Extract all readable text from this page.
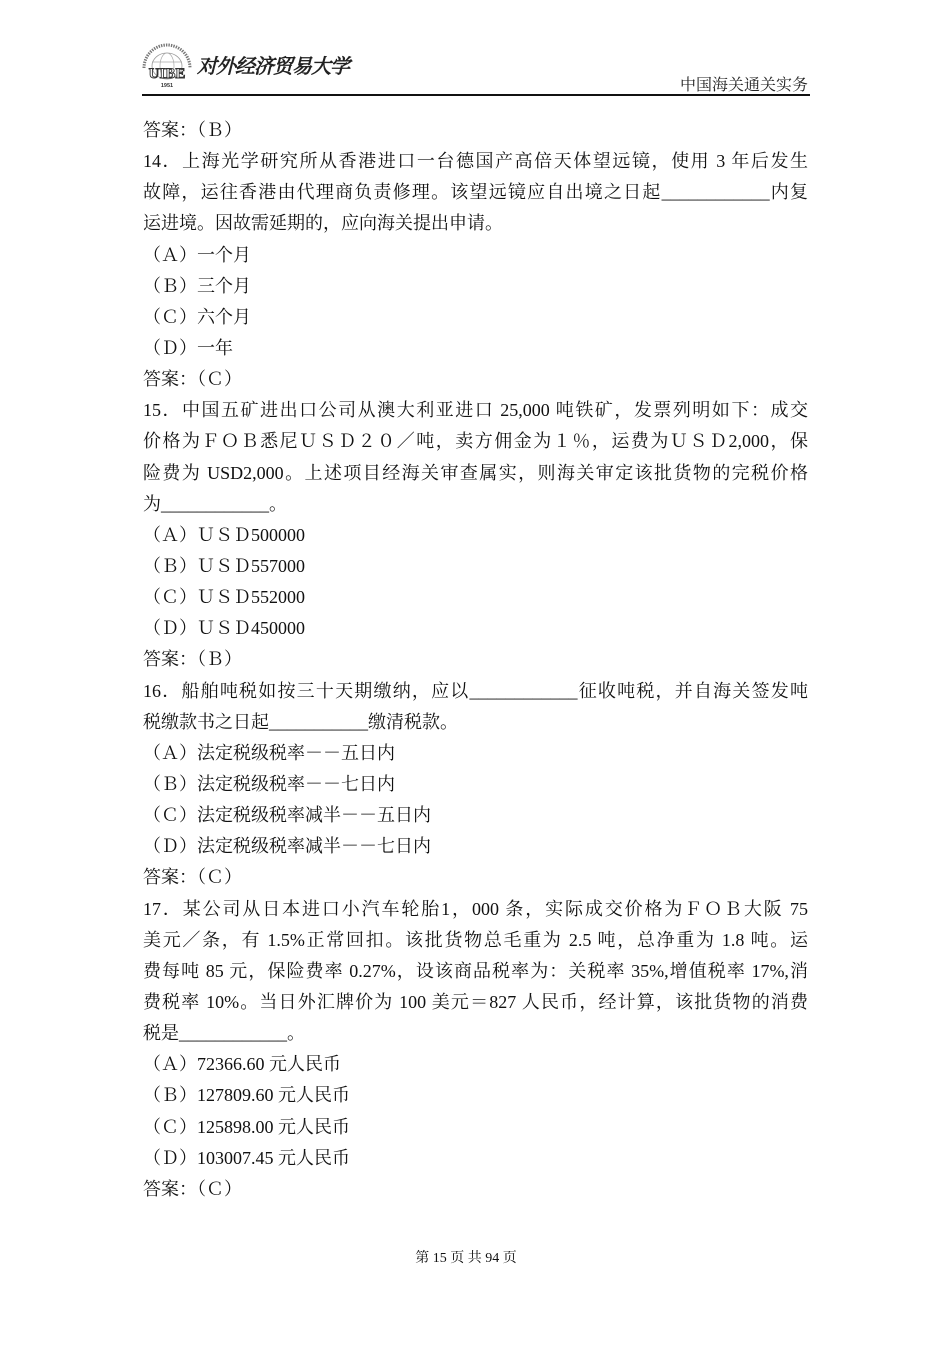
UIBE
1951
对外经济贸易大学
中国海关通关实务
答案：（Ｂ）
14．上海光学研究所从香港进口一台德国产高倍天体望远镜，使用 3 年后发生
故障，运往香港由代理商负责修理。该望远镜应自出境之日起____________内复
运进境。因故需延期的，应向海关提出申请。
（Ａ）一个月
（Ｂ）三个月
（Ｃ）六个月
（Ｄ）一年
答案：（Ｃ）
15．中国五矿进出口公司从澳大利亚进口 25,000 吨铁矿，发票列明如下：成交
价格为ＦＯＢ悉尼ＵＳＤ２０／吨，卖方佣金为１％，运费为ＵＳＤ2,000，保
险费为 USD2,000。上述项目经海关审查属实，则海关审定该批货物的完税价格
为____________。
（Ａ）ＵＳＤ500000
（Ｂ）ＵＳＤ557000
（Ｃ）ＵＳＤ552000
（Ｄ）ＵＳＤ450000
答案：（Ｂ）
16．船舶吨税如按三十天期缴纳，应以____________征收吨税，并自海关签发吨
税缴款书之日起___________缴清税款。
（Ａ）法定税级税率－－五日内
（Ｂ）法定税级税率－－七日内
（Ｃ）法定税级税率减半－－五日内
（Ｄ）法定税级税率减半－－七日内
答案：（Ｃ）
17．某公司从日本进口小汽车轮胎1，000 条，实际成交价格为ＦＯＢ大阪 75
美元／条，有 1.5%正常回扣。该批货物总毛重为 2.5 吨，总净重为 1.8 吨。运
费每吨 85 元，保险费率 0.27%，设该商品税率为：关税率 35%,增值税率 17%,消
费税率 10%。当日外汇牌价为 100 美元＝827 人民币，经计算，该批货物的消费
税是____________。
（Ａ）72366.60 元人民币
（Ｂ）127809.60 元人民币
（Ｃ）125898.00 元人民币
（Ｄ）103007.45 元人民币
答案：（Ｃ）
第 15 页 共 94 页
